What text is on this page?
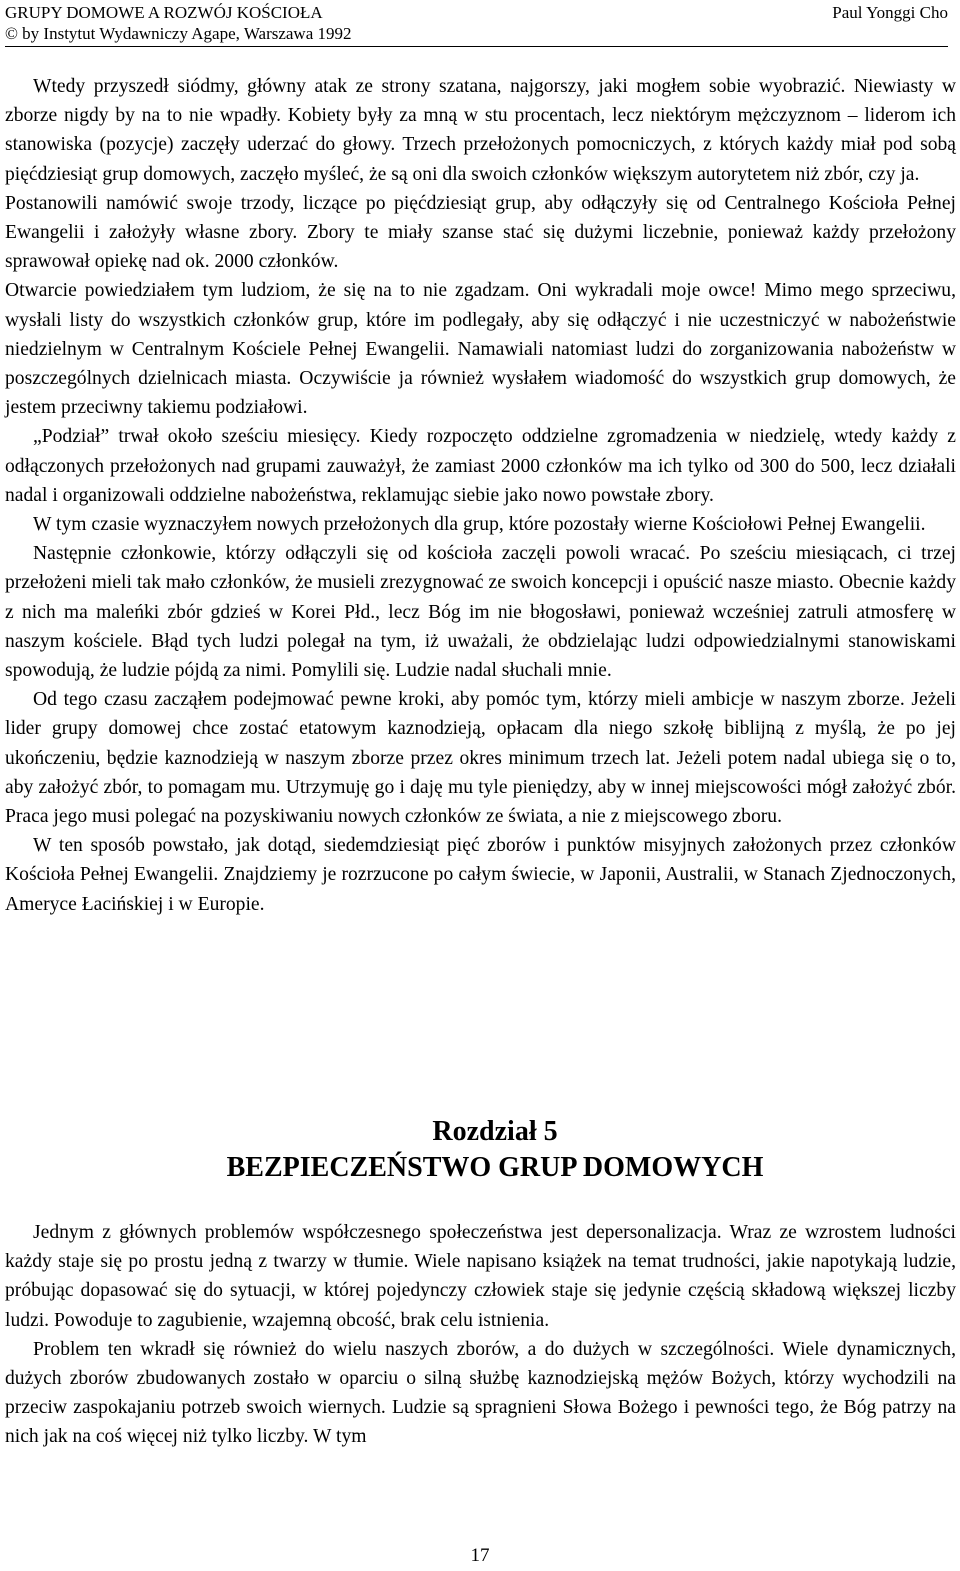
GRUPY DOMOWE A ROZWÓJ KOŚCIOŁA
© by Instytut Wydawniczy Agape, Warszawa 1992
Paul Yonggi Cho

Wtedy przyszedł siódmy, główny atak ze strony szatana, najgorszy, jaki mogłem sobie wyobrazić. Niewiasty w zborze nigdy by na to nie wpadły. Kobiety były za mną w stu procentach, lecz niektórym mężczyznom – liderom ich stanowiska (pozycje) zaczęły uderzać do głowy. Trzech przełożonych pomocniczych, z których każdy miał pod sobą pięćdziesiąt grup domowych, zaczęło myśleć, że są oni dla swoich członków większym autorytetem niż zbór, czy ja.

Postanowili namówić swoje trzody, liczące po pięćdziesiąt grup, aby odłączyły się od Centralnego Kościoła Pełnej Ewangelii i założyły własne zbory. Zbory te miały szanse stać się dużymi liczebnie, ponieważ każdy przełożony sprawował opiekę nad ok. 2000 członków.

Otwarcie powiedziałem tym ludziom, że się na to nie zgadzam. Oni wykradali moje owce! Mimo mego sprzeciwu, wysłali listy do wszystkich członków grup, które im podlegały, aby się odłączyć i nie uczestniczyć w nabożeństwie niedzielnym w Centralnym Kościele Pełnej Ewangelii. Namawiali natomiast ludzi do zorganizowania nabożeństw w poszczególnych dzielnicach miasta. Oczywiście ja również wysłałem wiadomość do wszystkich grup domowych, że jestem przeciwny takiemu podziałowi.

„Podział” trwał około sześciu miesięcy. Kiedy rozpoczęto oddzielne zgromadzenia w niedzielę, wtedy każdy z odłączonych przełożonych nad grupami zauważył, że zamiast 2000 członków ma ich tylko od 300 do 500, lecz działali nadal i organizowali oddzielne nabożeństwa, reklamując siebie jako nowo powstałe zbory.

W tym czasie wyznaczyłem nowych przełożonych dla grup, które pozostały wierne Kościołowi Pełnej Ewangelii.

Następnie członkowie, którzy odłączyli się od kościoła zaczęli powoli wracać. Po sześciu miesiącach, ci trzej przełożeni mieli tak mało członków, że musieli zrezygnować ze swoich koncepcji i opuścić nasze miasto. Obecnie każdy z nich ma maleńki zbór gdzieś w Korei Płd., lecz Bóg im nie błogosławi, ponieważ wcześniej zatruli atmosferę w naszym kościele. Błąd tych ludzi polegał na tym, iż uważali, że obdzielając ludzi odpowiedzialnymi stanowiskami spowodują, że ludzie pójdą za nimi. Pomylili się. Ludzie nadal słuchali mnie.

Od tego czasu zacząłem podejmować pewne kroki, aby pomóc tym, którzy mieli ambicje w naszym zborze. Jeżeli lider grupy domowej chce zostać etatowym kaznodzieją, opłacam dla niego szkołę biblijną z myślą, że po jej ukończeniu, będzie kaznodzieją w naszym zborze przez okres minimum trzech lat. Jeżeli potem nadal ubiega się o to, aby założyć zbór, to pomagam mu. Utrzymuję go i daję mu tyle pieniędzy, aby w innej miejscowości mógł założyć zbór. Praca jego musi polegać na pozyskiwaniu nowych członków ze świata, a nie z miejscowego zboru.

W ten sposób powstało, jak dotąd, siedemdziesiąt pięć zborów i punktów misyjnych założonych przez członków Kościoła Pełnej Ewangelii. Znajdziemy je rozrzucone po całym świecie, w Japonii, Australii, w Stanach Zjednoczonych, Ameryce Łacińskiej i w Europie.

Rozdział 5
BEZPIECZEŃSTWO GRUP DOMOWYCH

Jednym z głównych problemów współczesnego społeczeństwa jest depersonalizacja. Wraz ze wzrostem ludności każdy staje się po prostu jedną z twarzy w tłumie. Wiele napisano książek na temat trudności, jakie napotykają ludzie, próbując dopasować się do sytuacji, w której pojedynczy człowiek staje się jedynie częścią składową większej liczby ludzi. Powoduje to zagubienie, wzajemną obcość, brak celu istnienia.

Problem ten wkradł się również do wielu naszych zborów, a do dużych w szczególności. Wiele dynamicznych, dużych zborów zbudowanych zostało w oparciu o silną służbę kaznodziejską mężów Bożych, którzy wychodzili na przeciw zaspokajaniu potrzeb swoich wiernych. Ludzie są spragnieni Słowa Bożego i pewności tego, że Bóg patrzy na nich jak na coś więcej niż tylko liczby. W tym

17
